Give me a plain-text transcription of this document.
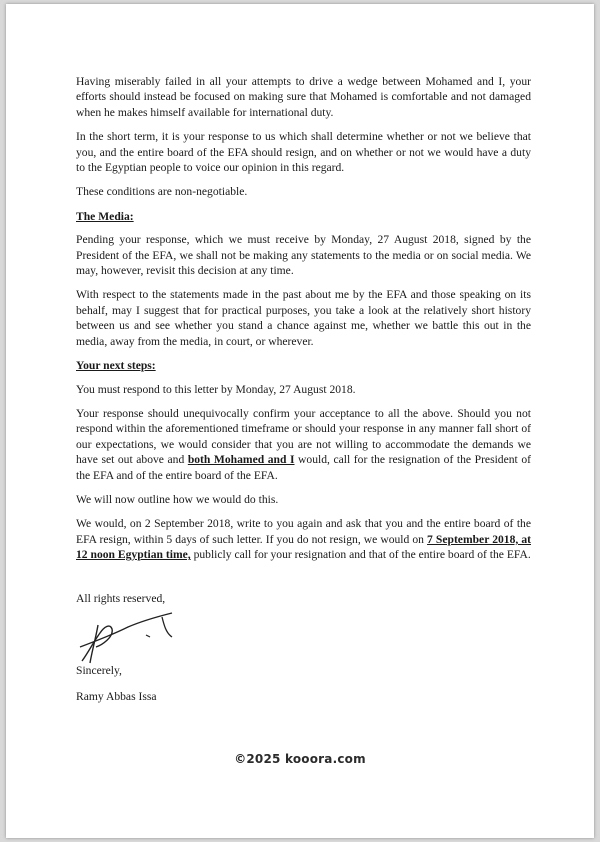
Having miserably failed in all your attempts to drive a wedge between Mohamed and I, your efforts should instead be focused on making sure that Mohamed is comfortable and not damaged when he makes himself available for international duty.

In the short term, it is your response to us which shall determine whether or not we believe that you, and the entire board of the EFA should resign, and on whether or not we would have a duty to the Egyptian people to voice our opinion in this regard.

These conditions are non-negotiable.

The Media:

Pending your response, which we must receive by Monday, 27 August 2018, signed by the President of the EFA, we shall not be making any statements to the media or on social media. We may, however, revisit this decision at any time.

With respect to the statements made in the past about me by the EFA and those speaking on its behalf, may I suggest that for practical purposes, you take a look at the relatively short history between us and see whether you stand a chance against me, whether we battle this out in the media, away from the media, in court, or wherever.

Your next steps:

You must respond to this letter by Monday, 27 August 2018.

Your response should unequivocally confirm your acceptance to all the above. Should you not respond within the aforementioned timeframe or should your response in any manner fall short of our expectations, we would consider that you are not willing to accommodate the demands we have set out above and both Mohamed and I would, call for the resignation of the President of the EFA and of the entire board of the EFA.

We will now outline how we would do this.

We would, on 2 September 2018, write to you again and ask that you and the entire board of the EFA resign, within 5 days of such letter. If you do not resign, we would on 7 September 2018, at 12 noon Egyptian time, publicly call for your resignation and that of the entire board of the EFA.

All rights reserved,

Sincerely,

Ramy Abbas Issa

©2025 kooora.com
